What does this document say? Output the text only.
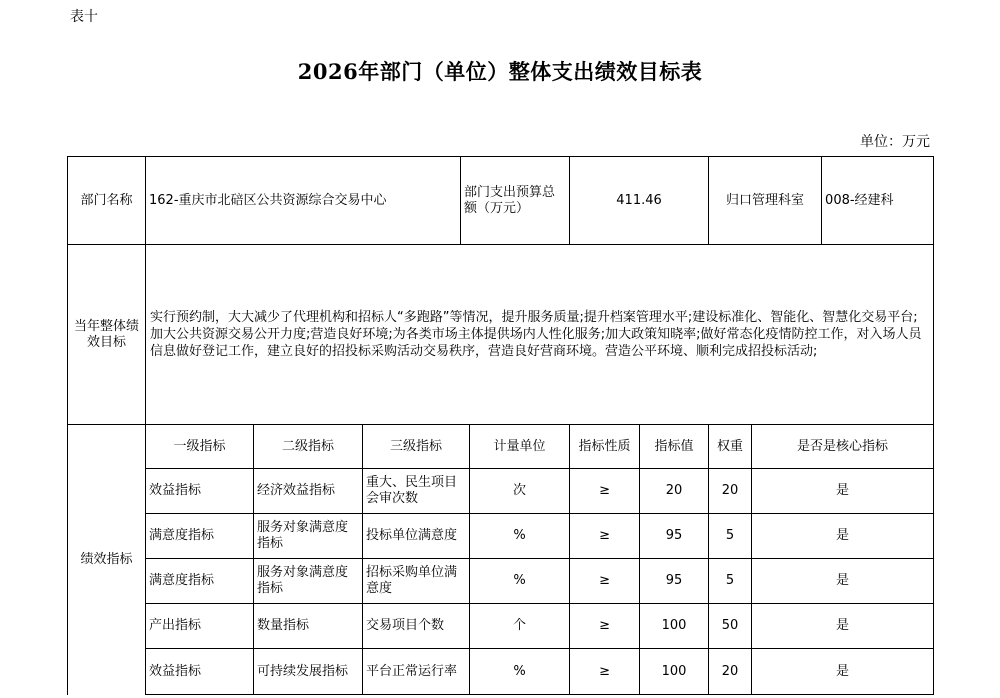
表十
2026年部门（单位）整体支出绩效目标表
单位：万元
部门名称	162-重庆市北碚区公共资源综合交易中心			部门支出预算总额（万元）		411.46		归口管理科室		008-经建科
当年整体绩效目标	实行预约制，大大减少了代理机构和招标人“多跑路”等情况，提升服务质量;提升档案管理水平;建设标准化、智能化、智慧化交易平台;加大公共资源交易公开力度;营造良好环境;为各类市场主体提供场内人性化服务;加大政策知晓率;做好常态化疫情防控工作，对入场人员信息做好登记工作，建立良好的招投标采购活动交易秩序，营造良好营商环境。营造公平环境、顺利完成招投标活动;									
绩效指标	一级指标	二级指标	三级指标		计量单位	指标性质	指标值	权重	是否是核心指标	
	效益指标	经济效益指标	重大、民生项目会审次数		次	≥	20	20	是	
	满意度指标	服务对象满意度指标	投标单位满意度		%	≥	95	5	是	
	满意度指标	服务对象满意度指标	招标采购单位满意度		%	≥	95	5	是	
	产出指标	数量指标	交易项目个数		个	≥	100	50	是	
	效益指标	可持续发展指标	平台正常运行率		%	≥	100	20	是	
